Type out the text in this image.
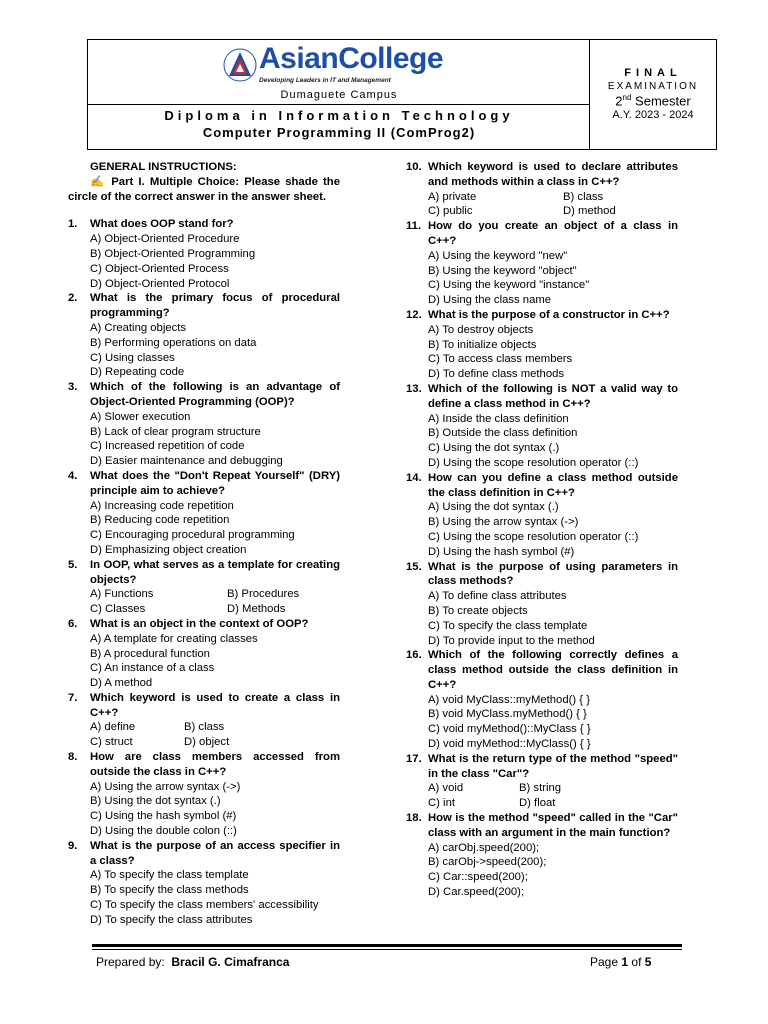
AsianCollege
Developing Leaders in IT and Management
Dumaguete Campus
Diploma in Information Technology
Computer Programming II (ComProg2)
FINAL
EXAMINATION
2nd Semester
A.Y. 2023 - 2024
GENERAL INSTRUCTIONS:
✍ Part I. Multiple Choice: Please shade the circle of the correct answer in the answer sheet.
1.	What does OOP stand for?
A) Object-Oriented Procedure
B) Object-Oriented Programming
C) Object-Oriented Process
D) Object-Oriented Protocol
2.	What is the primary focus of procedural programming?
A) Creating objects
B) Performing operations on data
C) Using classes
D) Repeating code
3.	Which of the following is an advantage of Object-Oriented Programming (OOP)?
A) Slower execution
B) Lack of clear program structure
C) Increased repetition of code
D) Easier maintenance and debugging
4.	What does the "Don't Repeat Yourself" (DRY) principle aim to achieve?
A) Increasing code repetition
B) Reducing code repetition
C) Encouraging procedural programming
D) Emphasizing object creation
5.	In OOP, what serves as a template for creating objects?
A) Functions	B) Procedures
C) Classes	D) Methods
6.	What is an object in the context of OOP?
A) A template for creating classes
B) A procedural function
C) An instance of a class
D) A method
7.	Which keyword is used to create a class in C++?
A) define	B) class
C) struct	D) object
8.	How are class members accessed from outside the class in C++?
A) Using the arrow syntax (->)
B) Using the dot syntax (.)
C) Using the hash symbol (#)
D) Using the double colon (::)
9.	What is the purpose of an access specifier in a class?
A) To specify the class template
B) To specify the class methods
C) To specify the class members' accessibility
D) To specify the class attributes
10. Which keyword is used to declare attributes and methods within a class in C++?
A) private	B) class
C) public	D) method
11. How do you create an object of a class in C++?
A) Using the keyword "new"
B) Using the keyword "object"
C) Using the keyword "instance"
D) Using the class name
12. What is the purpose of a constructor in C++?
A) To destroy objects
B) To initialize objects
C) To access class members
D) To define class methods
13. Which of the following is NOT a valid way to define a class method in C++?
A) Inside the class definition
B) Outside the class definition
C) Using the dot syntax (.)
D) Using the scope resolution operator (::)
14. How can you define a class method outside the class definition in C++?
A) Using the dot syntax (.)
B) Using the arrow syntax (->)
C) Using the scope resolution operator (::)
D) Using the hash symbol (#)
15. What is the purpose of using parameters in class methods?
A) To define class attributes
B) To create objects
C) To specify the class template
D) To provide input to the method
16. Which of the following correctly defines a class method outside the class definition in C++?
A) void MyClass::myMethod() { }
B) void MyClass.myMethod() { }
C) void myMethod()::MyClass { }
D) void myMethod::MyClass() { }
17. What is the return type of the method "speed" in the class "Car"?
A) void	B) string
C) int	D) float
18. How is the method "speed" called in the "Car" class with an argument in the main function?
A) carObj.speed(200);
B) carObj->speed(200);
C) Car::speed(200);
D) Car.speed(200);
Prepared by: Bracil G. Cimafranca	Page 1 of 5
